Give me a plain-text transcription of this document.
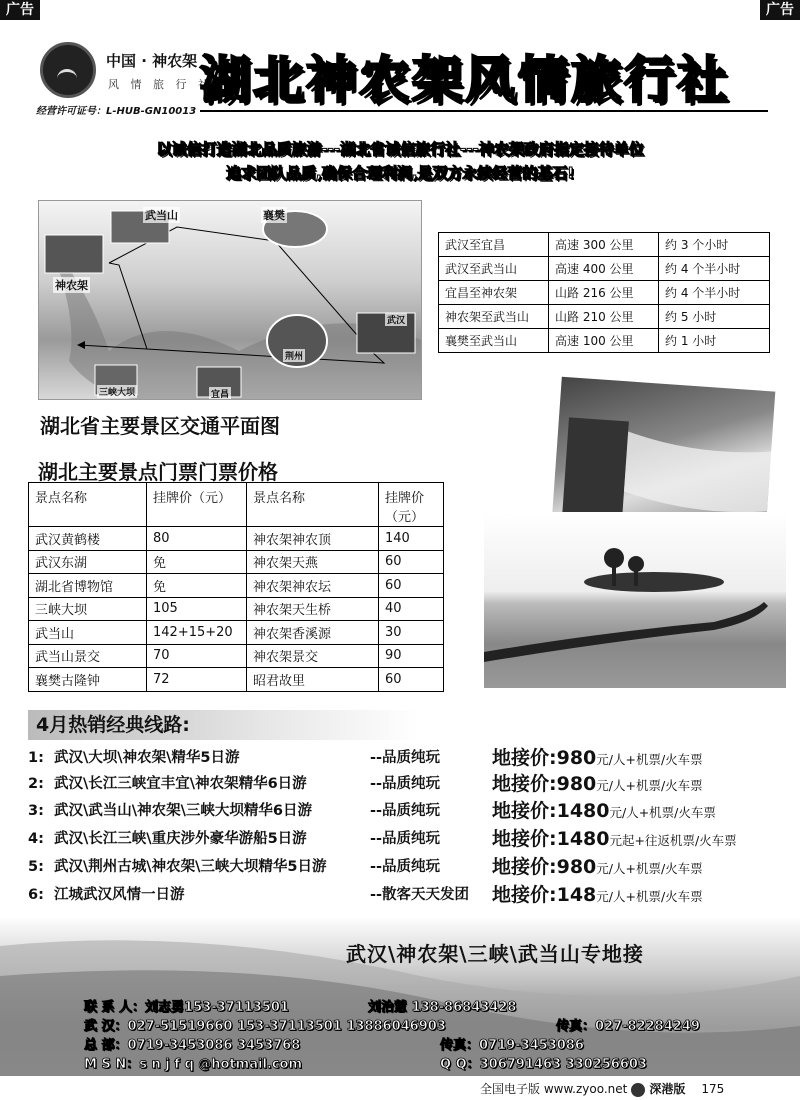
广告	广告
中国 · 神农架
风 情 旅 行 社
经营许可证号：L-HUB-GN10013
湖北神农架风情旅行社
以诚信打造湖北品质旅游---湖北省诚信旅行社---神农架政府指定接待单位
追求团队品质,确保合理利润,是双方永续经营的基石!
武当山	襄樊
神农架
武汉
荆州
三峡大坝	宜昌
湖北省主要景区交通平面图
武汉至宜昌	高速 300 公里	约 3 个小时
武汉至武当山	高速 400 公里	约 4 个半小时
宜昌至神农架	山路 216 公里	约 4 个半小时
神农架至武当山	山路 210 公里	约 5 小时
襄樊至武当山	高速 100 公里	约 1 小时
湖北主要景点门票门票价格
景点名称	挂牌价（元）	景点名称	挂牌价（元）
武汉黄鹤楼	80	神农架神农顶	140
武汉东湖	免	神农架天燕	60
湖北省博物馆	免	神农架神农坛	60
三峡大坝	105	神农架天生桥	40
武当山	142+15+20	神农架香溪源	30
武当山景交	70	神农架景交	90
襄樊古隆钟	72	昭君故里	60
4月热销经典线路:
1: 武汉\大坝\神农架\精华5日游	--品质纯玩	地接价:980元/人+机票/火车票
2: 武汉\长江三峡宜丰宜\神农架精华6日游	--品质纯玩	地接价:980元/人+机票/火车票
3: 武汉\武当山\神农架\三峡大坝精华6日游	--品质纯玩	地接价:1480元/人+机票/火车票
4: 武汉\长江三峡\重庆涉外豪华游船5日游	--品质纯玩	地接价:1480元起+往返机票/火车票
5: 武汉\荆州古城\神农架\三峡大坝精华5日游	--品质纯玩	地接价:980元/人+机票/火车票
6: 江城武汉风情一日游	--散客天天发团 地接价:148元/人+机票/火车票
武汉\神农架\三峡\武当山专地接
联 系 人：刘志勇153-37113501	刘治慧 138-86843428
武 汉：027-51519660 153-37113501 13886046903	传真：027-82284249
总 部：0719-3453086 3453768	传真：0719-3453086
M S N：s n j f q @hotmail.com	Q Q：306791463 330256603
全国电子版 www.zyoo.net 深港版 175
